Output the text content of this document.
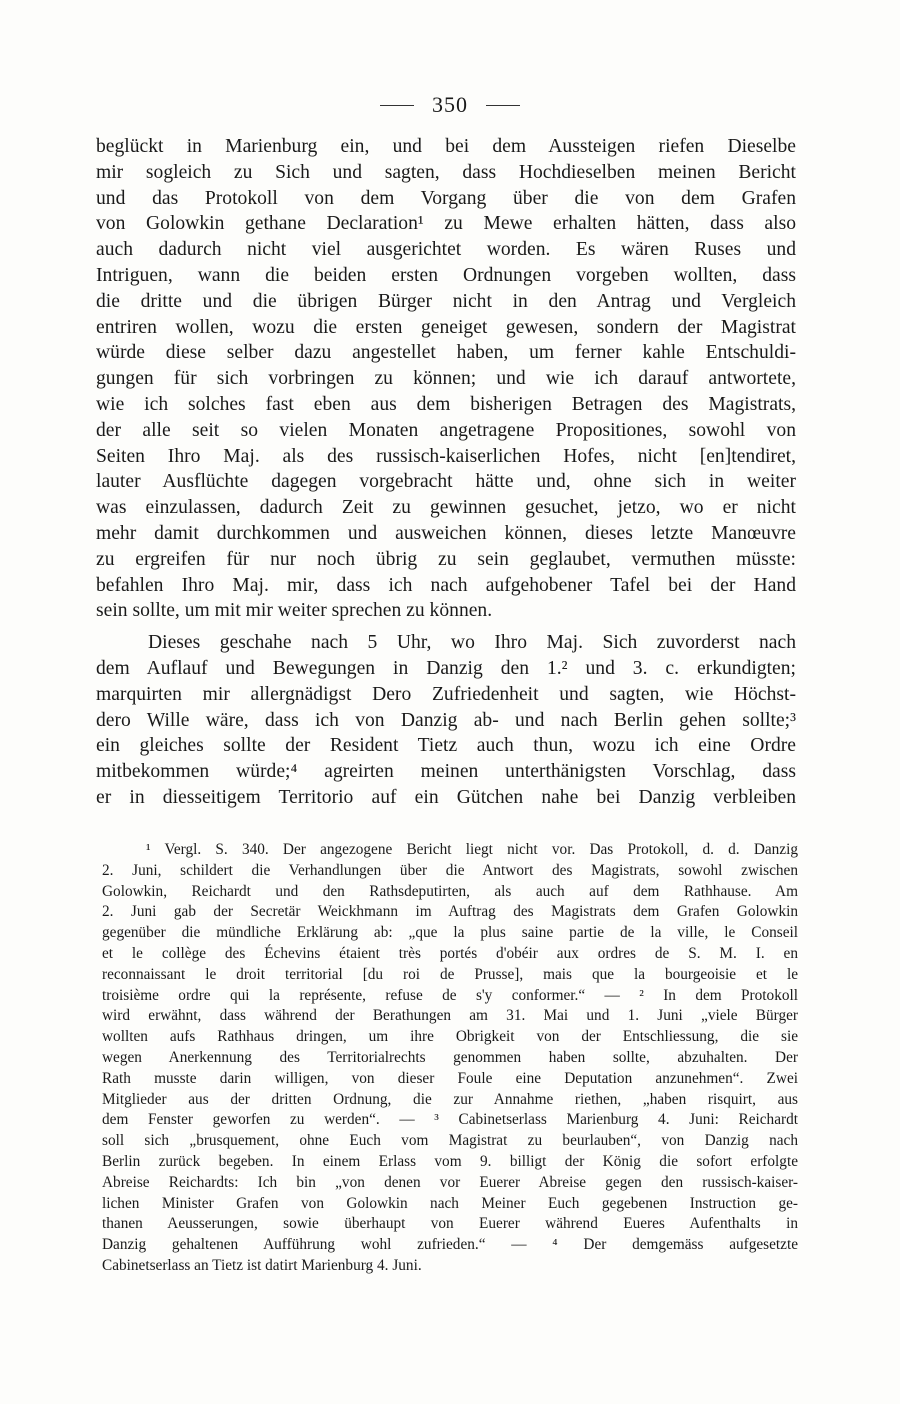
350
beglückt in Marienburg ein, und bei dem Aussteigen riefen Dieselbe
mir sogleich zu Sich und sagten, dass Hochdieselben meinen Bericht
und das Protokoll von dem Vorgang über die von dem Grafen
von Golowkin gethane Declaration¹ zu Mewe erhalten hätten, dass also
auch dadurch nicht viel ausgerichtet worden. Es wären Ruses und
Intriguen, wann die beiden ersten Ordnungen vorgeben wollten, dass
die dritte und die übrigen Bürger nicht in den Antrag und Vergleich
entriren wollen, wozu die ersten geneiget gewesen, sondern der Magistrat
würde diese selber dazu angestellet haben, um ferner kahle Entschuldi-
gungen für sich vorbringen zu können; und wie ich darauf antwortete,
wie ich solches fast eben aus dem bisherigen Betragen des Magistrats,
der alle seit so vielen Monaten angetragene Propositiones, sowohl von
Seiten Ihro Maj. als des russisch-kaiserlichen Hofes, nicht [en]tendiret,
lauter Ausflüchte dagegen vorgebracht hätte und, ohne sich in weiter
was einzulassen, dadurch Zeit zu gewinnen gesuchet, jetzo, wo er nicht
mehr damit durchkommen und ausweichen können, dieses letzte Manœuvre
zu ergreifen für nur noch übrig zu sein geglaubet, vermuthen müsste:
befahlen Ihro Maj. mir, dass ich nach aufgehobener Tafel bei der Hand
sein sollte, um mit mir weiter sprechen zu können.
Dieses geschahe nach 5 Uhr, wo Ihro Maj. Sich zuvorderst nach
dem Auflauf und Bewegungen in Danzig den 1.² und 3. c. erkundigten;
marquirten mir allergnädigst Dero Zufriedenheit und sagten, wie Höchst-
dero Wille wäre, dass ich von Danzig ab- und nach Berlin gehen sollte;³
ein gleiches sollte der Resident Tietz auch thun, wozu ich eine Ordre
mitbekommen würde;⁴ agreirten meinen unterthänigsten Vorschlag, dass
er in diesseitigem Territorio auf ein Gütchen nahe bei Danzig verbleiben
¹ Vergl. S. 340. Der angezogene Bericht liegt nicht vor. Das Protokoll, d. d. Danzig
2. Juni, schildert die Verhandlungen über die Antwort des Magistrats, sowohl zwischen
Golowkin, Reichardt und den Rathsdeputirten, als auch auf dem Rathhause. Am
2. Juni gab der Secretär Weickhmann im Auftrag des Magistrats dem Grafen Golowkin
gegenüber die mündliche Erklärung ab: „que la plus saine partie de la ville, le Conseil
et le collège des Échevins étaient très portés d'obéir aux ordres de S. M. I. en
reconnaissant le droit territorial [du roi de Prusse], mais que la bourgeoisie et le
troisième ordre qui la représente, refuse de s'y conformer.“ — ² In dem Protokoll
wird erwähnt, dass während der Berathungen am 31. Mai und 1. Juni „viele Bürger
wollten aufs Rathhaus dringen, um ihre Obrigkeit von der Entschliessung, die sie
wegen Anerkennung des Territorialrechts genommen haben sollte, abzuhalten. Der
Rath musste darin willigen, von dieser Foule eine Deputation anzunehmen“. Zwei
Mitglieder aus der dritten Ordnung, die zur Annahme riethen, „haben risquirt, aus
dem Fenster geworfen zu werden“. — ³ Cabinetserlass Marienburg 4. Juni: Reichardt
soll sich „brusquement, ohne Euch vom Magistrat zu beurlauben“, von Danzig nach
Berlin zurück begeben. In einem Erlass vom 9. billigt der König die sofort erfolgte
Abreise Reichardts: Ich bin „von denen vor Euerer Abreise gegen den russisch-kaiser-
lichen Minister Grafen von Golowkin nach Meiner Euch gegebenen Instruction ge-
thanen Aeusserungen, sowie überhaupt von Euerer während Eueres Aufenthalts in
Danzig gehaltenen Aufführung wohl zufrieden.“ — ⁴ Der demgemäss aufgesetzte
Cabinetserlass an Tietz ist datirt Marienburg 4. Juni.
